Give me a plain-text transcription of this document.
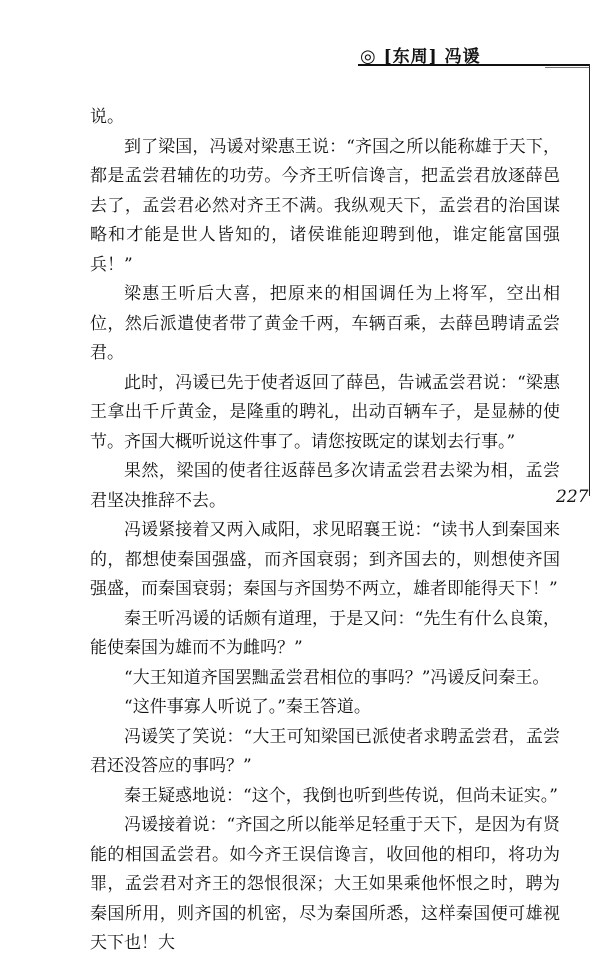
◎ [东周] 冯谖
227

说。

到了梁国，冯谖对梁惠王说：“齐国之所以能称雄于天下，都是孟尝君辅佐的功劳。今齐王听信谗言，把孟尝君放逐薛邑去了，孟尝君必然对齐王不满。我纵观天下，孟尝君的治国谋略和才能是世人皆知的，诸侯谁能迎聘到他，谁定能富国强兵！”

梁惠王听后大喜，把原来的相国调任为上将军，空出相位，然后派遣使者带了黄金千两，车辆百乘，去薛邑聘请孟尝君。

此时，冯谖已先于使者返回了薛邑，告诫孟尝君说：“梁惠王拿出千斤黄金，是隆重的聘礼，出动百辆车子，是显赫的使节。齐国大概听说这件事了。请您按既定的谋划去行事。”

果然，梁国的使者往返薛邑多次请孟尝君去梁为相，孟尝君坚决推辞不去。

冯谖紧接着又两入咸阳，求见昭襄王说：“读书人到秦国来的，都想使秦国强盛，而齐国衰弱；到齐国去的，则想使齐国强盛，而秦国衰弱；秦国与齐国势不两立，雄者即能得天下！”

秦王听冯谖的话颇有道理，于是又问：“先生有什么良策，能使秦国为雄而不为雌吗？”

“大王知道齐国罢黜孟尝君相位的事吗？”冯谖反问秦王。

“这件事寡人听说了。”秦王答道。

冯谖笑了笑说：“大王可知梁国已派使者求聘孟尝君，孟尝君还没答应的事吗？”

秦王疑惑地说：“这个，我倒也听到些传说，但尚未证实。”

冯谖接着说：“齐国之所以能举足轻重于天下，是因为有贤能的相国孟尝君。如今齐王误信谗言，收回他的相印，将功为罪，孟尝君对齐王的怨恨很深；大王如果乘他怀恨之时，聘为秦国所用，则齐国的机密，尽为秦国所悉，这样秦国便可雄视天下也！大
